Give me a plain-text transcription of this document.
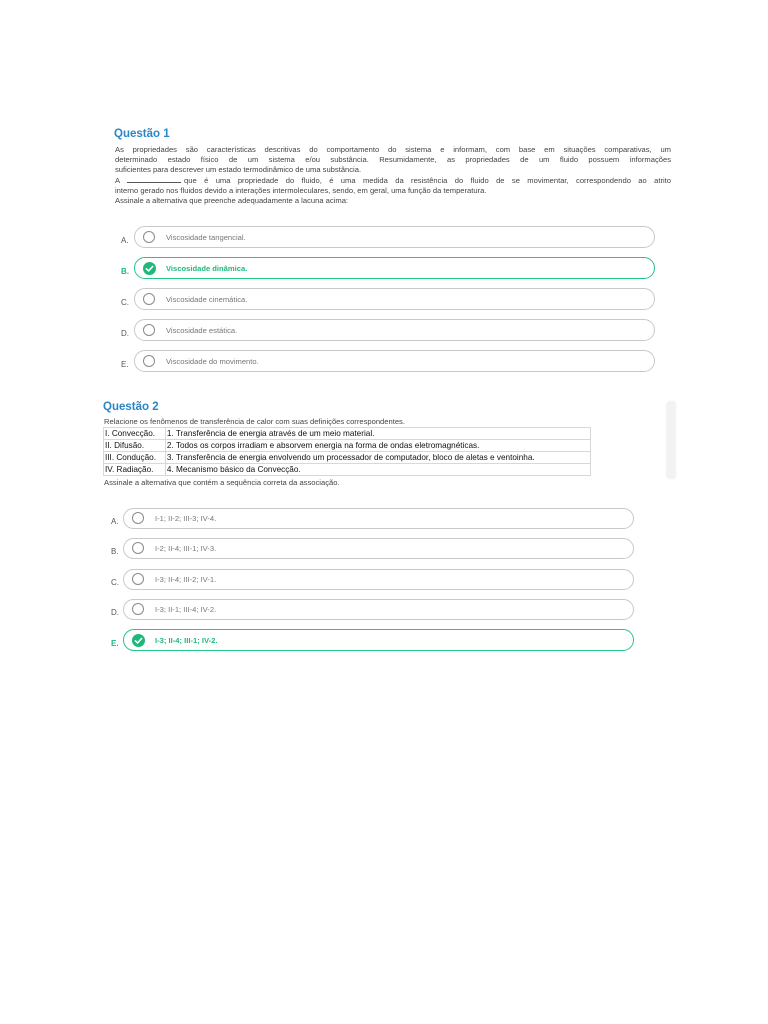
Questão 1

As propriedades são características descritivas do comportamento do sistema e informam, com base em situações comparativas, um

determinado estado físico de um sistema e/ou substância. Resumidamente, as propriedades de um fluido possuem informações

suficientes para descrever um estado termodinâmico de uma substância.

A	que é uma propriedade do fluido, é uma medida da resistência do fluido de se movimentar, correspondendo ao atrito

interno gerado nos fluidos devido a interações intermoleculares, sendo, em geral, uma função da temperatura.

Assinale a alternativa que preenche adequadamente a lacuna acima:

A.	Viscosidade tangencial.
B.	Viscosidade dinâmica.
C.	Viscosidade cinemática.
D.	Viscosidade estática.
E.	Viscosidade do movimento.
Questão 2
Relacione os fenômenos de transferência de calor com suas definições correspondentes.
I. Convecção.	1. Transferência de energia através de um meio material.
II. Difusão.	2. Todos os corpos irradiam e absorvem energia na forma de ondas eletromagnéticas.
III. Condução.	3. Transferência de energia envolvendo um processador de computador, bloco de aletas e ventoinha.
IV. Radiação.	4. Mecanismo básico da Convecção.
Assinale a alternativa que contém a sequência correta da associação.
A.	I-1; II-2; III-3; IV-4.
B.	I-2; II-4; III-1; IV-3.
C.	I-3; II-4; III-2; IV-1.
D.	I-3; II-1; III-4; IV-2.
E.	I-3; II-4; III-1; IV-2.
